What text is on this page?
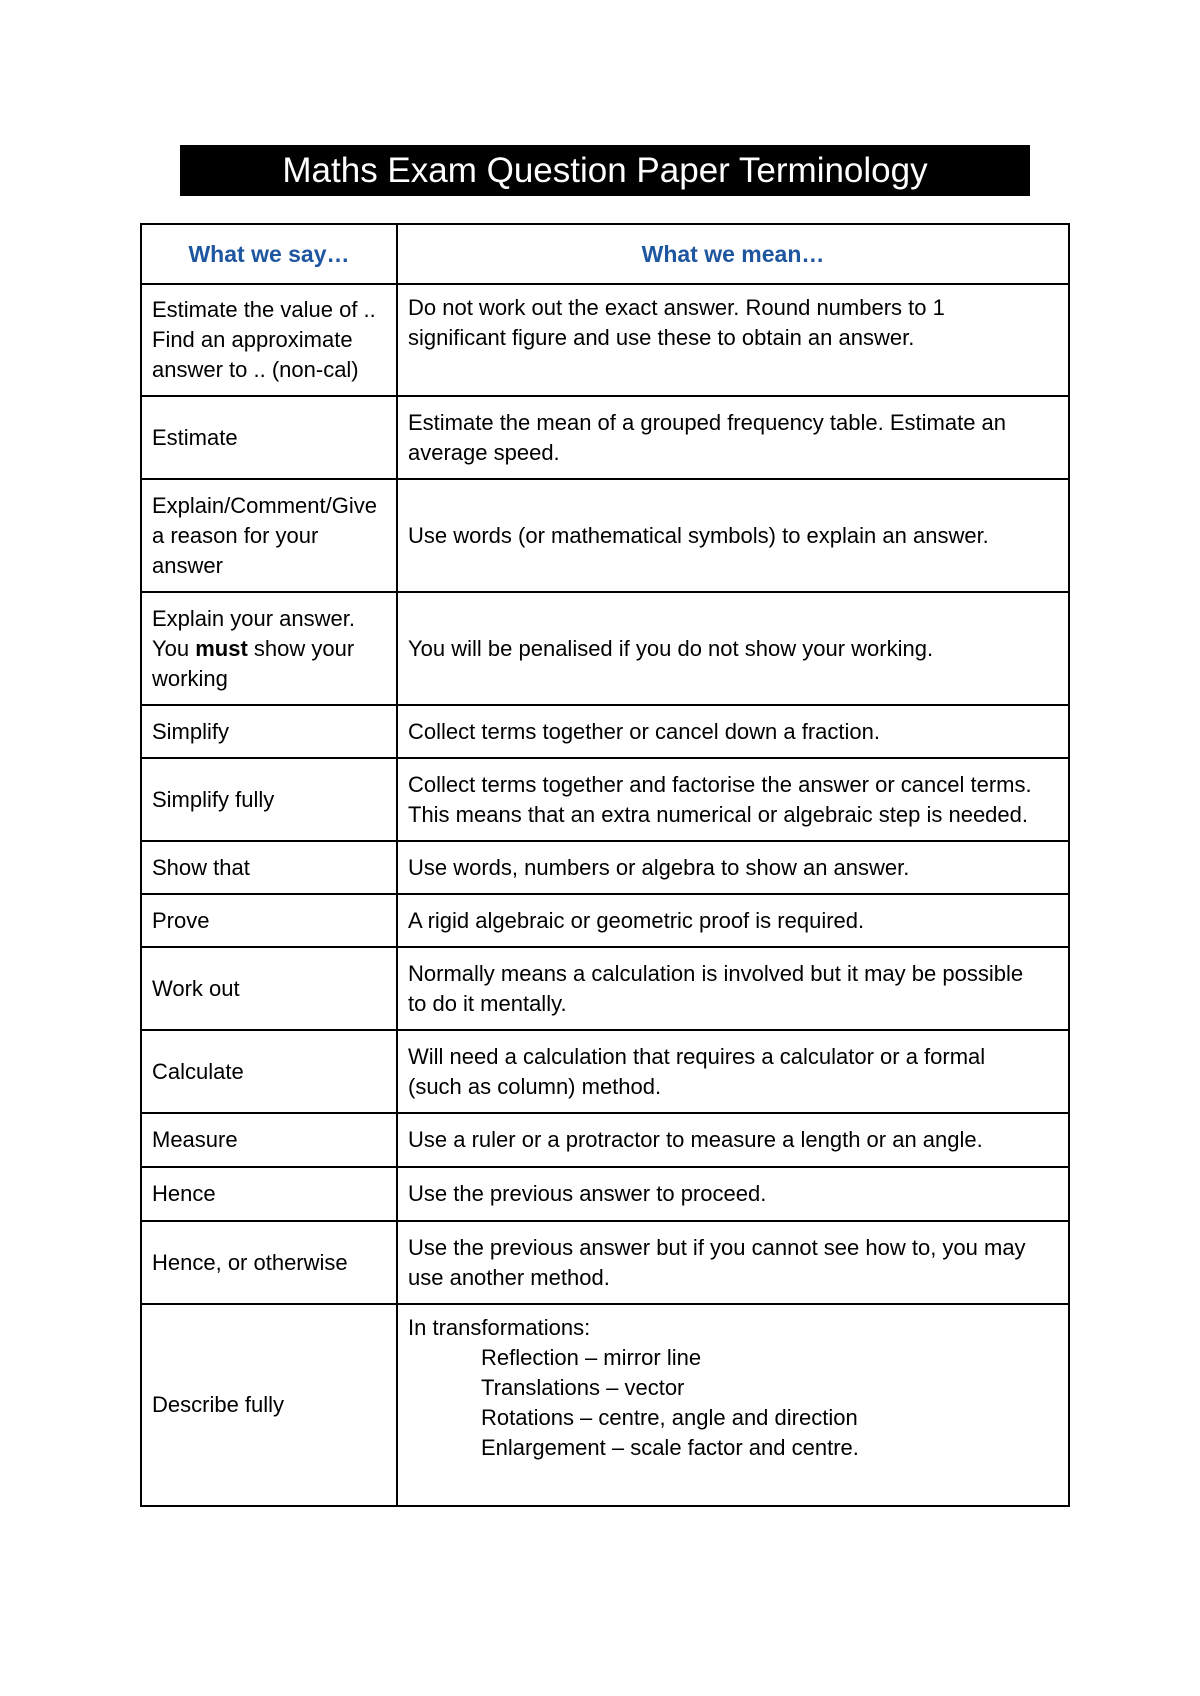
Maths Exam Question Paper Terminology
What we say…	What we mean…

Estimate the value of ..
Find an approximate
answer to .. (non-cal)	Do not work out the exact answer. Round numbers to 1
significant figure and use these to obtain an answer.

Estimate	Estimate the mean of a grouped frequency table. Estimate an
average speed.

Explain/Comment/Give
a reason for your
answer	Use words (or mathematical symbols) to explain an answer.

Explain your answer.
You must show your
working	You will be penalised if you do not show your working.
Simplify	Collect terms together or cancel down a fraction.
Simplify fully	Collect terms together and factorise the answer or cancel terms.
This means that an extra numerical or algebraic step is needed.

Show that	Use words, numbers or algebra to show an answer.
Prove	A rigid algebraic or geometric proof is required.
Work out	Normally means a calculation is involved but it may be possible
to do it mentally.

Calculate	Will need a calculation that requires a calculator or a formal
(such as column) method.

Measure	Use a ruler or a protractor to measure a length or an angle.
Hence	Use the previous answer to proceed.
Hence, or otherwise	Use the previous answer but if you cannot see how to, you may
use another method.

Describe fully	In transformations:
Reflection – mirror line
Translations – vector
Rotations – centre, angle and direction
Enlargement – scale factor and centre.
